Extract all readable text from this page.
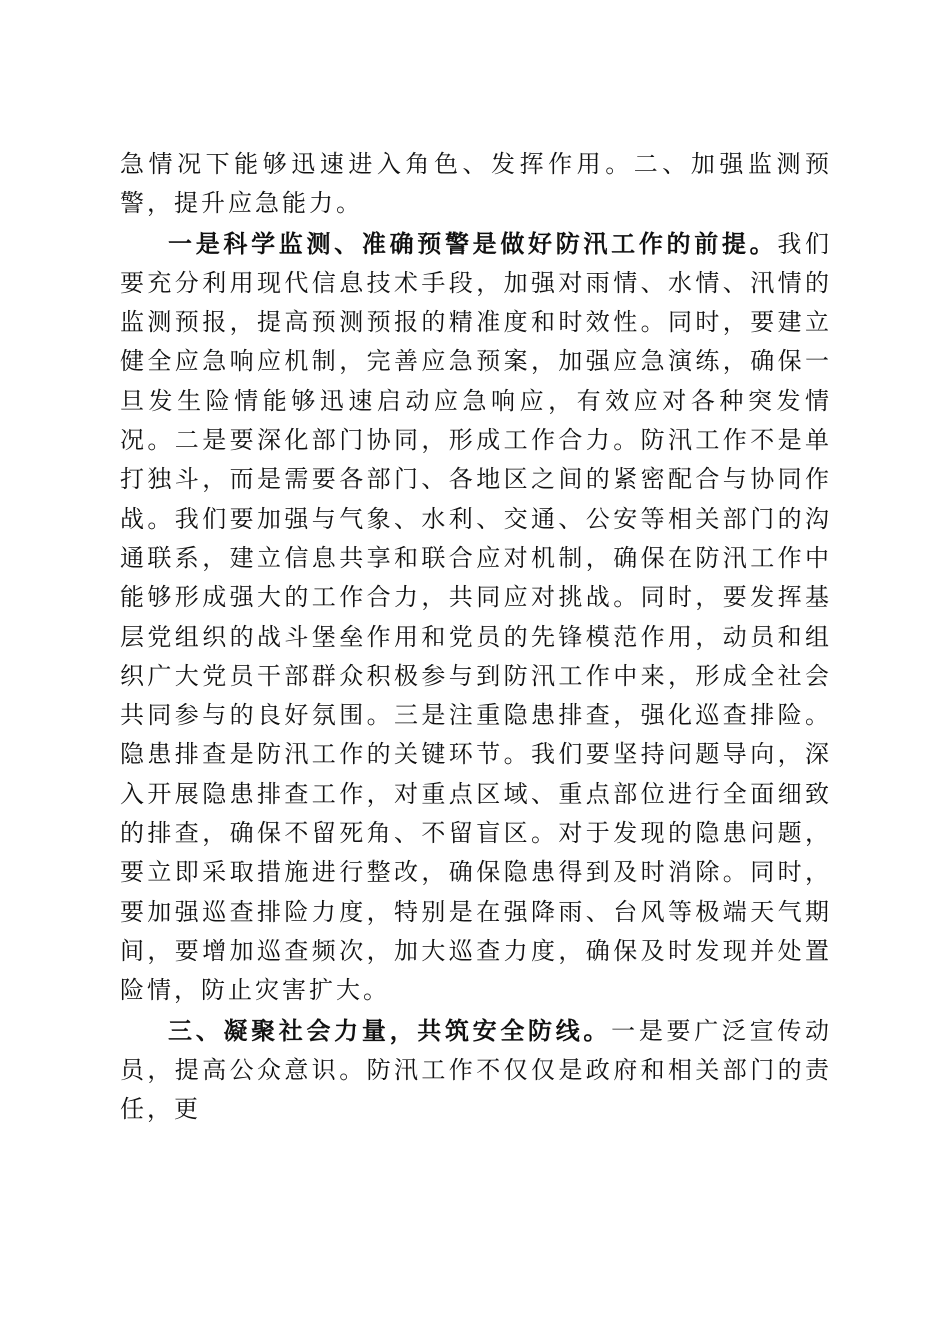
急情况下能够迅速进入角色、发挥作用。二、加强监测预警，提升应急能力。

一是科学监测、准确预警是做好防汛工作的前提。我们要充分利用现代信息技术手段，加强对雨情、水情、汛情的监测预报，提高预测预报的精准度和时效性。同时，要建立健全应急响应机制，完善应急预案，加强应急演练，确保一旦发生险情能够迅速启动应急响应，有效应对各种突发情况。二是要深化部门协同，形成工作合力。防汛工作不是单打独斗，而是需要各部门、各地区之间的紧密配合与协同作战。我们要加强与气象、水利、交通、公安等相关部门的沟通联系，建立信息共享和联合应对机制，确保在防汛工作中能够形成强大的工作合力，共同应对挑战。同时，要发挥基层党组织的战斗堡垒作用和党员的先锋模范作用，动员和组织广大党员干部群众积极参与到防汛工作中来，形成全社会共同参与的良好氛围。三是注重隐患排查，强化巡查排险。隐患排查是防汛工作的关键环节。我们要坚持问题导向，深入开展隐患排查工作，对重点区域、重点部位进行全面细致的排查，确保不留死角、不留盲区。对于发现的隐患问题，要立即采取措施进行整改，确保隐患得到及时消除。同时，要加强巡查排险力度，特别是在强降雨、台风等极端天气期间，要增加巡查频次，加大巡查力度，确保及时发现并处置险情，防止灾害扩大。

三、凝聚社会力量，共筑安全防线。一是要广泛宣传动员，提高公众意识。防汛工作不仅仅是政府和相关部门的责任，更
